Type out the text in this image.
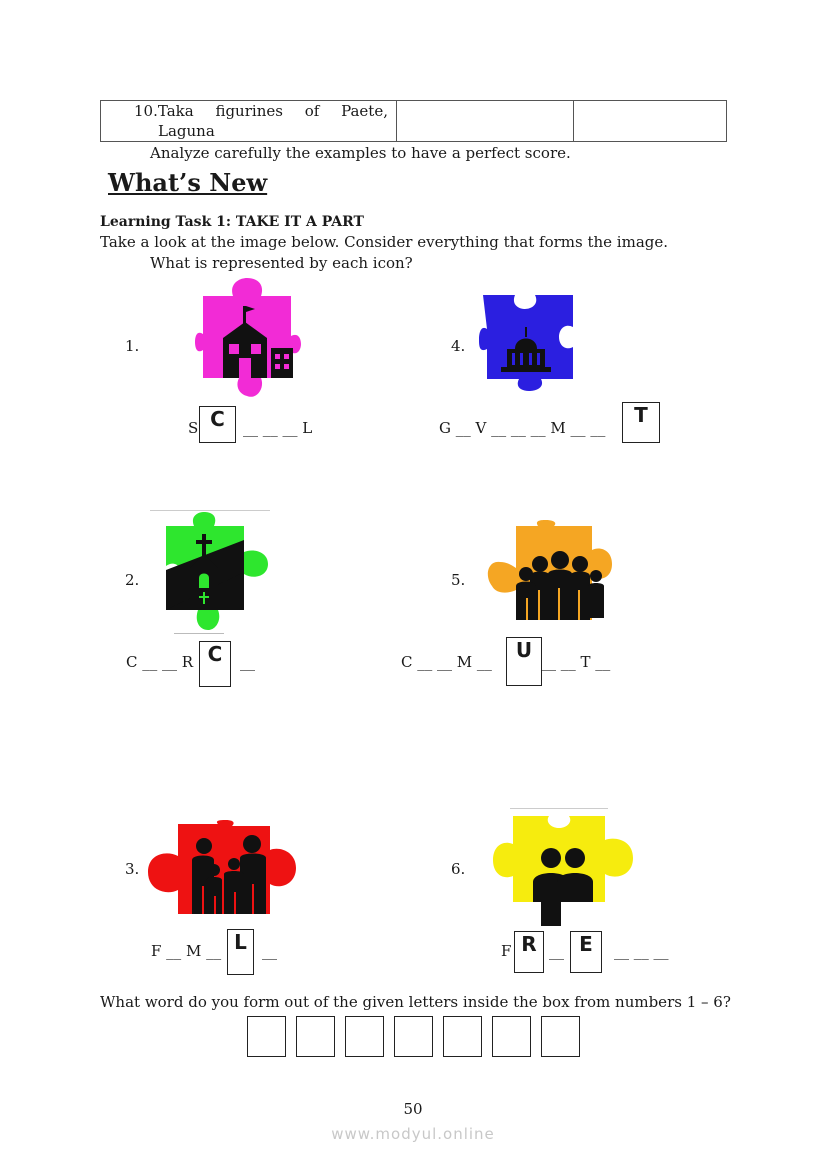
10.Taka figurines of Paete,
Laguna
Analyze carefully the examples to have a perfect score.
What’s New
Learning Task 1: TAKE IT A PART
Take a look at the image below. Consider everything that forms the image.
What is represented by each icon?
1.
S C	__ __ __ L
4.
G __ V __ __ __ M __ __
T
2.
C __ __ R C	__
5.
C __ __ M __	U __ __ T __
3.
F __ M __ L	__
6.
F R __ E	__ __ __
What word do you form out of the given letters inside the box from numbers 1 – 6?
50
www.modyul.online
